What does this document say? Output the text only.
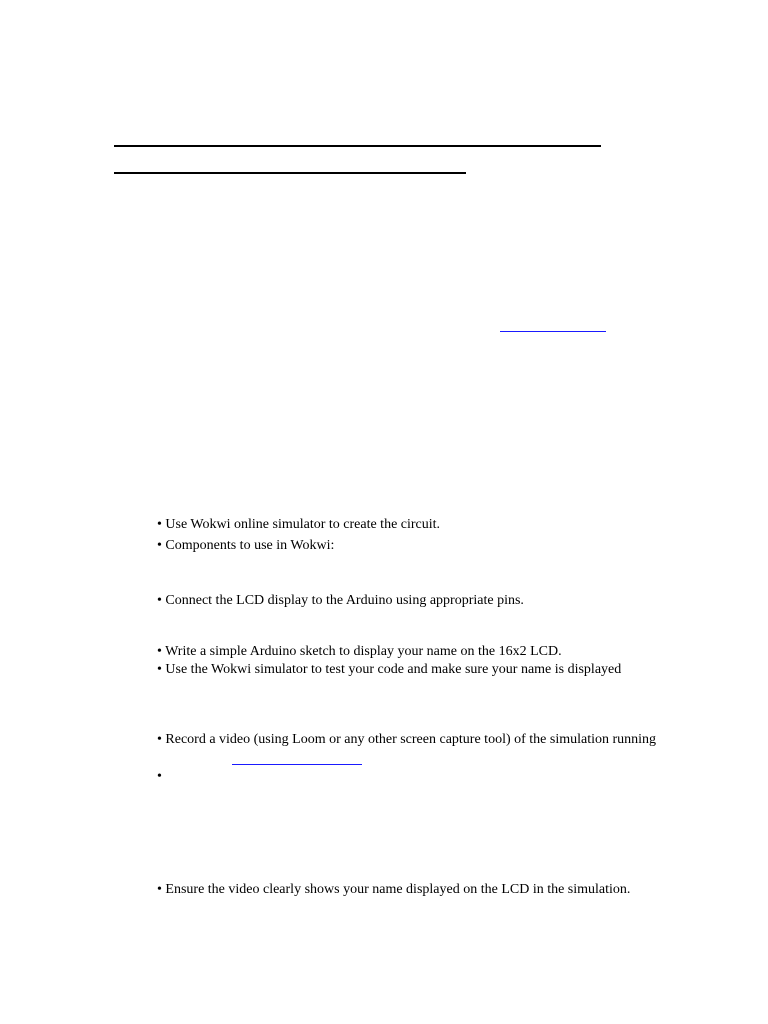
• Use Wokwi online simulator to create the circuit.
• Components to use in Wokwi:
• Connect the LCD display to the Arduino using appropriate pins.
• Write a simple Arduino sketch to display your name on the 16x2 LCD.
• Use the Wokwi simulator to test your code and make sure your name is displayed
• Record a video (using Loom or any other screen capture tool) of the simulation running
•
• Ensure the video clearly shows your name displayed on the LCD in the simulation.
